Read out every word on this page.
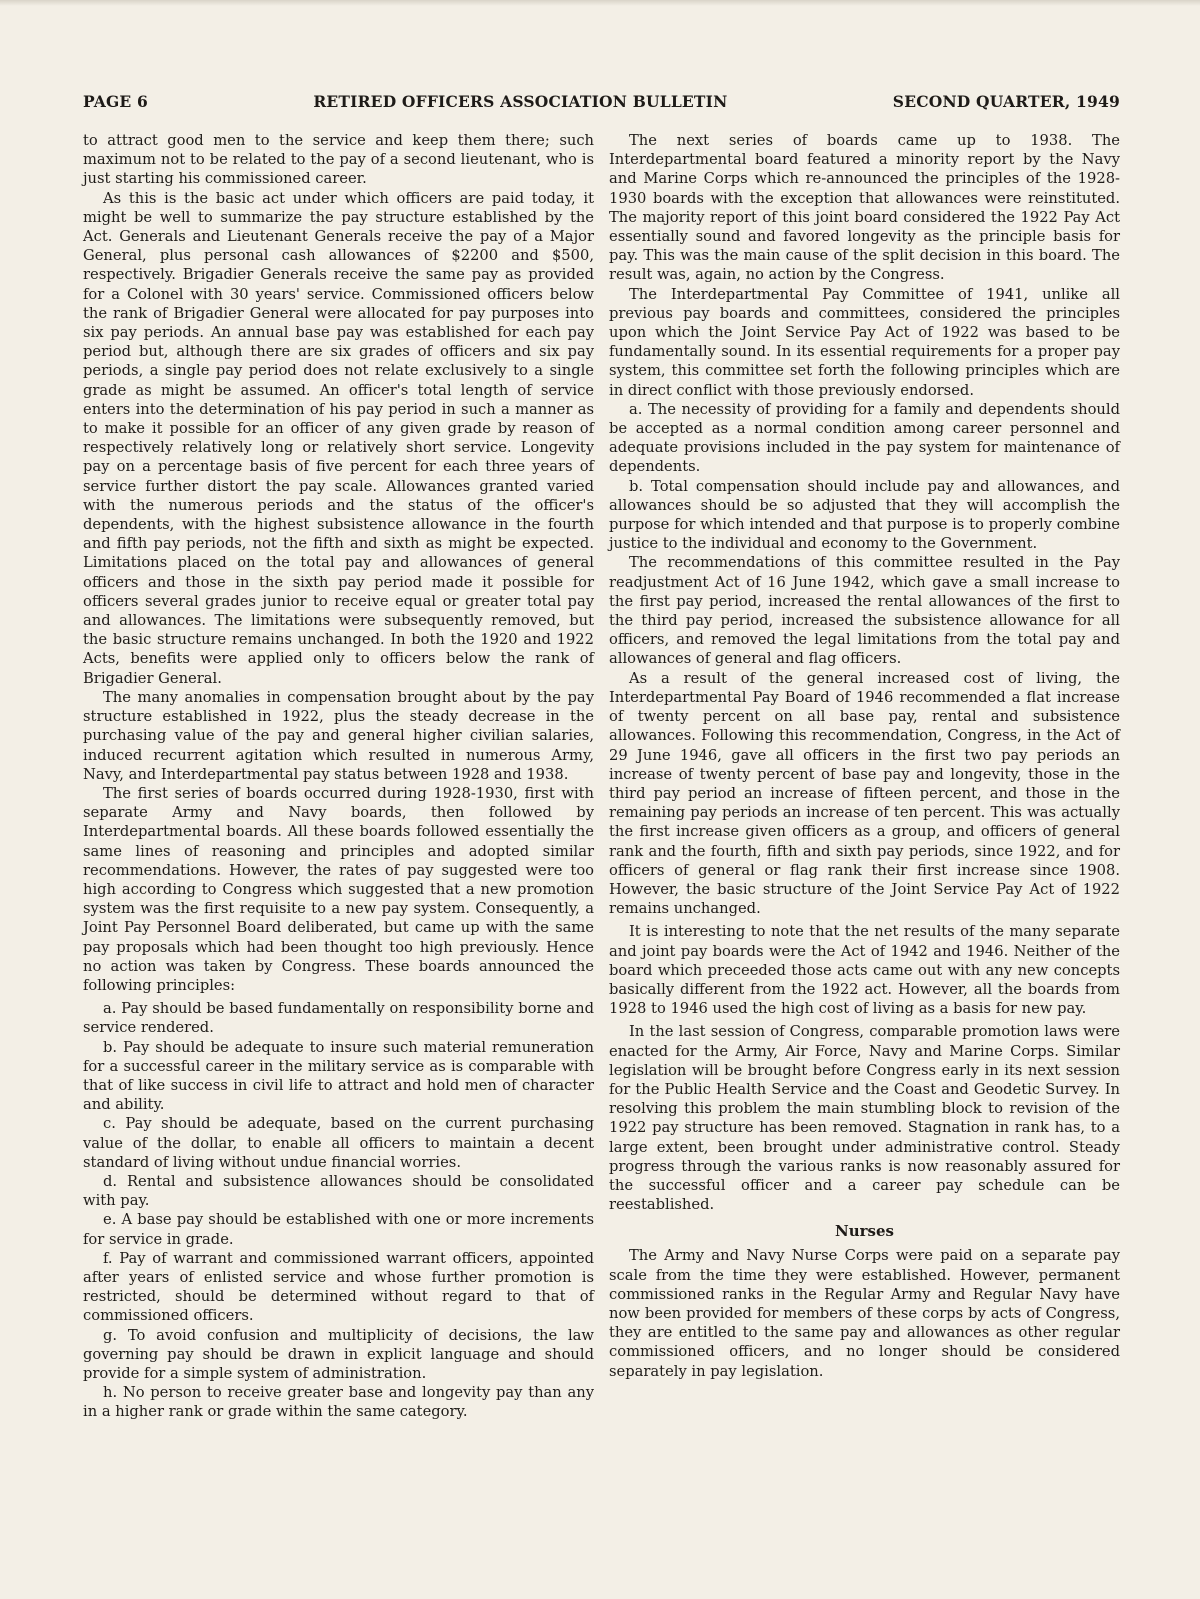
PAGE 6	RETIRED OFFICERS ASSOCIATION BULLETIN	SECOND QUARTER, 1949

to attract good men to the service and keep them there; such maximum not to be related to the pay of a second lieutenant, who is just starting his commissioned career.

As this is the basic act under which officers are paid today, it might be well to summarize the pay structure established by the Act. Generals and Lieutenant Generals receive the pay of a Major General, plus personal cash allowances of $2200 and $500, respectively. Brigadier Generals receive the same pay as provided for a Colonel with 30 years' service. Commissioned officers below the rank of Brigadier General were allocated for pay purposes into six pay periods. An annual base pay was established for each pay period but, although there are six grades of officers and six pay periods, a single pay period does not relate exclusively to a single grade as might be assumed. An officer's total length of service enters into the determination of his pay period in such a manner as to make it possible for an officer of any given grade by reason of respectively relatively long or relatively short service. Longevity pay on a percentage basis of five percent for each three years of service further distort the pay scale. Allowances granted varied with the numerous periods and the status of the officer's dependents, with the highest subsistence allowance in the fourth and fifth pay periods, not the fifth and sixth as might be expected. Limitations placed on the total pay and allowances of general officers and those in the sixth pay period made it possible for officers several grades junior to receive equal or greater total pay and allowances. The limitations were subsequently removed, but the basic structure remains unchanged. In both the 1920 and 1922 Acts, benefits were applied only to officers below the rank of Brigadier General.

The many anomalies in compensation brought about by the pay structure established in 1922, plus the steady decrease in the purchasing value of the pay and general higher civilian salaries, induced recurrent agitation which resulted in numerous Army, Navy, and Interdepartmental pay status between 1928 and 1938.

The first series of boards occurred during 1928-1930, first with separate Army and Navy boards, then followed by Interdepartmental boards. All these boards followed essentially the same lines of reasoning and principles and adopted similar recommendations. However, the rates of pay suggested were too high according to Congress which suggested that a new promotion system was the first requisite to a new pay system. Consequently, a Joint Pay Personnel Board deliberated, but came up with the same pay proposals which had been thought too high previously. Hence no action was taken by Congress. These boards announced the following principles:

a. Pay should be based fundamentally on responsibility borne and service rendered.

b. Pay should be adequate to insure such material remuneration for a successful career in the military service as is comparable with that of like success in civil life to attract and hold men of character and ability.

c. Pay should be adequate, based on the current purchasing value of the dollar, to enable all officers to maintain a decent standard of living without undue financial worries.

d. Rental and subsistence allowances should be consolidated with pay.

e. A base pay should be established with one or more increments for service in grade.

f. Pay of warrant and commissioned warrant officers, appointed after years of enlisted service and whose further promotion is restricted, should be determined without regard to that of commissioned officers.

g. To avoid confusion and multiplicity of decisions, the law governing pay should be drawn in explicit language and should provide for a simple system of administration.

h. No person to receive greater base and longevity pay than any in a higher rank or grade within the same category.

The next series of boards came up to 1938. The Interdepartmental board featured a minority report by the Navy and Marine Corps which re-announced the principles of the 1928-1930 boards with the exception that allowances were reinstituted. The majority report of this joint board considered the 1922 Pay Act essentially sound and favored longevity as the principle basis for pay. This was the main cause of the split decision in this board. The result was, again, no action by the Congress.

The Interdepartmental Pay Committee of 1941, unlike all previous pay boards and committees, considered the principles upon which the Joint Service Pay Act of 1922 was based to be fundamentally sound. In its essential requirements for a proper pay system, this committee set forth the following principles which are in direct conflict with those previously endorsed.

a. The necessity of providing for a family and dependents should be accepted as a normal condition among career personnel and adequate provisions included in the pay system for maintenance of dependents.

b. Total compensation should include pay and allowances, and allowances should be so adjusted that they will accomplish the purpose for which intended and that purpose is to properly combine justice to the individual and economy to the Government.

The recommendations of this committee resulted in the Pay readjustment Act of 16 June 1942, which gave a small increase to the first pay period, increased the rental allowances of the first to the third pay period, increased the subsistence allowance for all officers, and removed the legal limitations from the total pay and allowances of general and flag officers.

As a result of the general increased cost of living, the Interdepartmental Pay Board of 1946 recommended a flat increase of twenty percent on all base pay, rental and subsistence allowances. Following this recommendation, Congress, in the Act of 29 June 1946, gave all officers in the first two pay periods an increase of twenty percent of base pay and longevity, those in the third pay period an increase of fifteen percent, and those in the remaining pay periods an increase of ten percent. This was actually the first increase given officers as a group, and officers of general rank and the fourth, fifth and sixth pay periods, since 1922, and for officers of general or flag rank their first increase since 1908. However, the basic structure of the Joint Service Pay Act of 1922 remains unchanged.

It is interesting to note that the net results of the many separate and joint pay boards were the Act of 1942 and 1946. Neither of the board which preceeded those acts came out with any new concepts basically different from the 1922 act. However, all the boards from 1928 to 1946 used the high cost of living as a basis for new pay.

In the last session of Congress, comparable promotion laws were enacted for the Army, Air Force, Navy and Marine Corps. Similar legislation will be brought before Congress early in its next session for the Public Health Service and the Coast and Geodetic Survey. In resolving this problem the main stumbling block to revision of the 1922 pay structure has been removed. Stagnation in rank has, to a large extent, been brought under administrative control. Steady progress through the various ranks is now reasonably assured for the successful officer and a career pay schedule can be reestablished.

Nurses

The Army and Navy Nurse Corps were paid on a separate pay scale from the time they were established. However, permanent commissioned ranks in the Regular Army and Regular Navy have now been provided for members of these corps by acts of Congress, they are entitled to the same pay and allowances as other regular commissioned officers, and no longer should be considered separately in pay legislation.
